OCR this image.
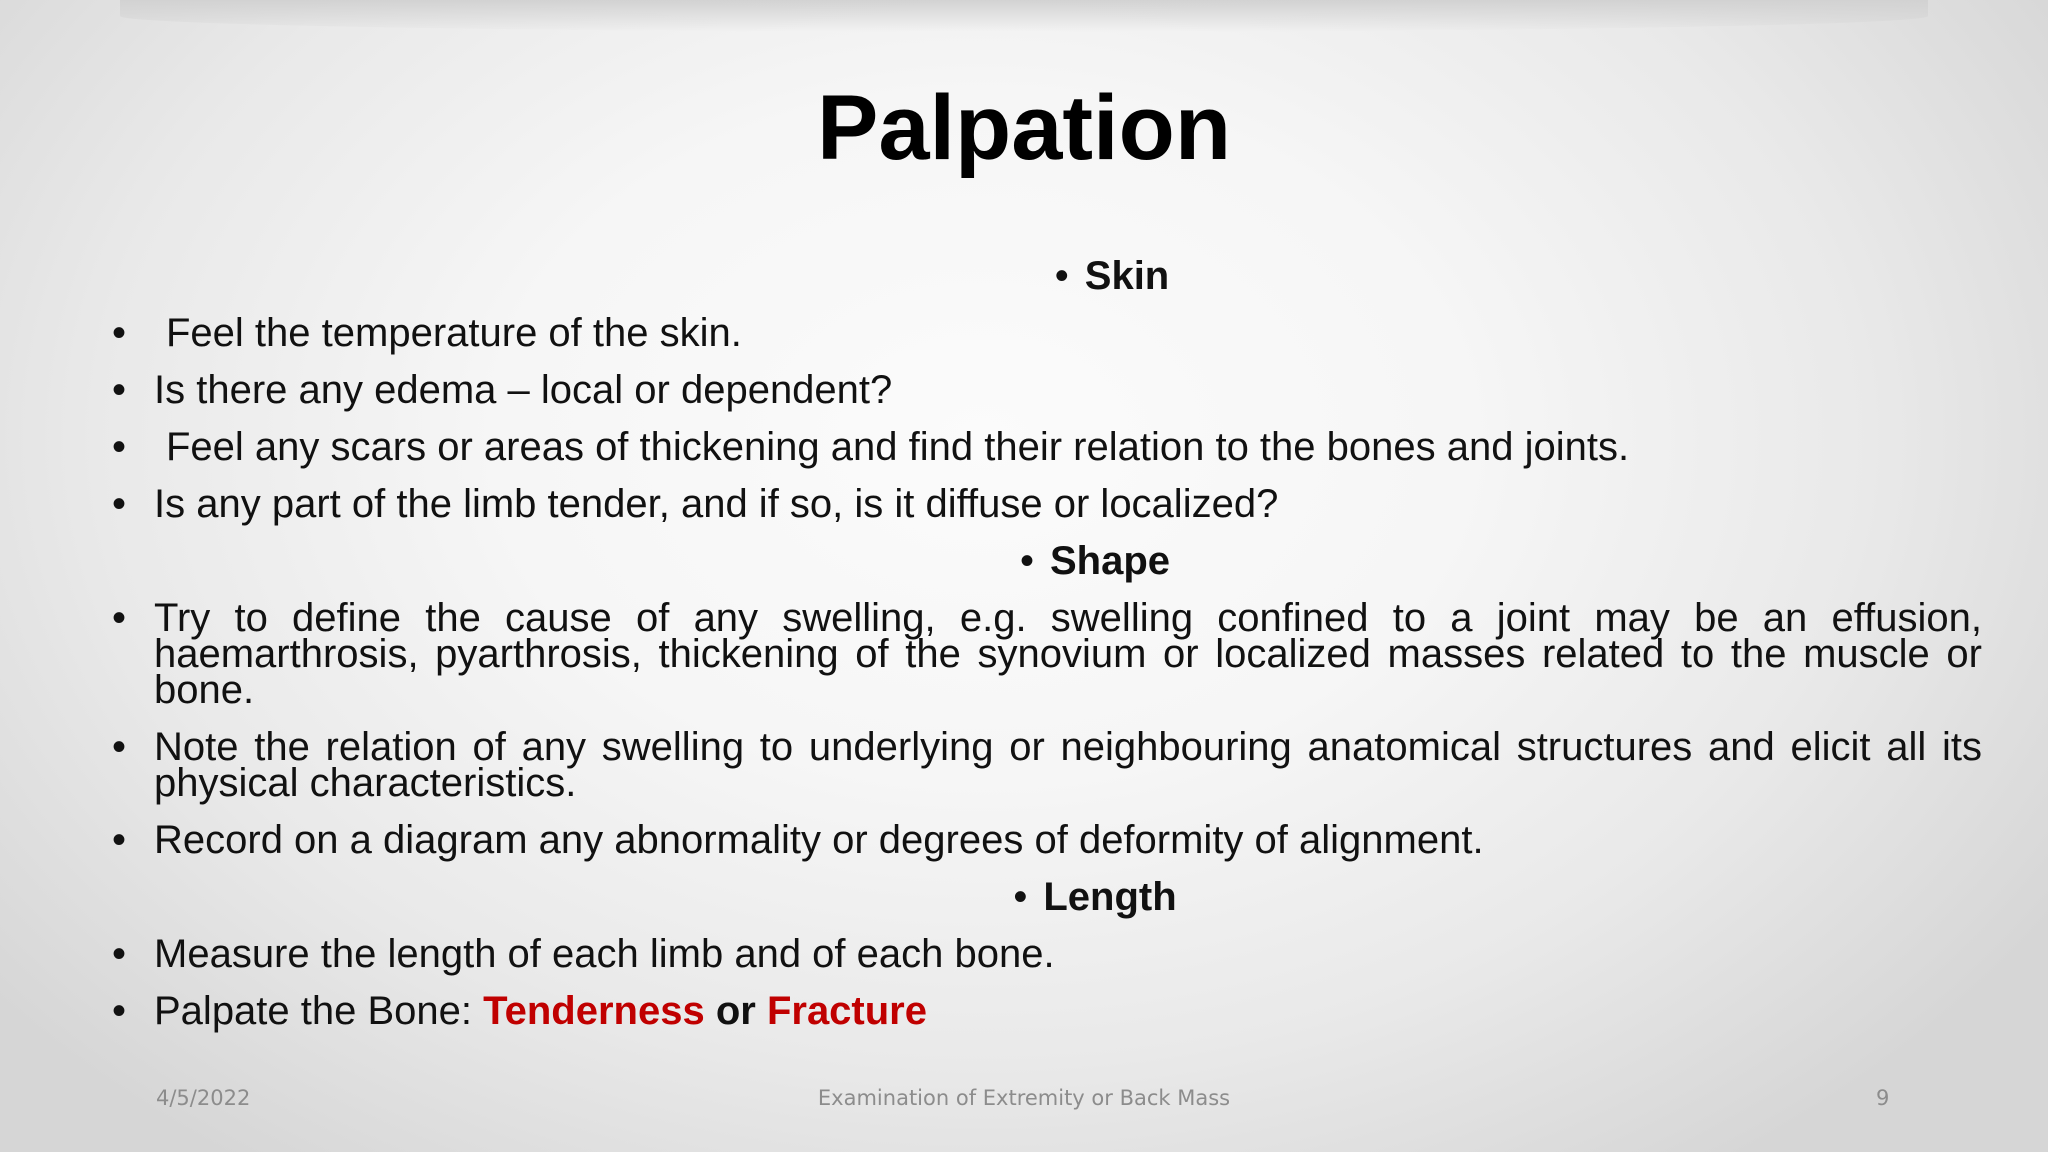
Palpation
• Skin
• Feel the temperature of the skin.
• Is there any edema – local or dependent?
• Feel any scars or areas of thickening and find their relation to the bones and joints.
• Is any part of the limb tender, and if so, is it diffuse or localized?
• Shape
• Try to define the cause of any swelling, e.g. swelling confined to a joint may be an effusion, haemarthrosis, pyarthrosis, thickening of the synovium or localized masses related to the muscle or bone.
• Note the relation of any swelling to underlying or neighbouring anatomical structures and elicit all its physical characteristics.
• Record on a diagram any abnormality or degrees of deformity of alignment.
• Length
• Measure the length of each limb and of each bone.
• Palpate the Bone: Tenderness or Fracture
4/5/2022	Examination of Extremity or Back Mass	9
